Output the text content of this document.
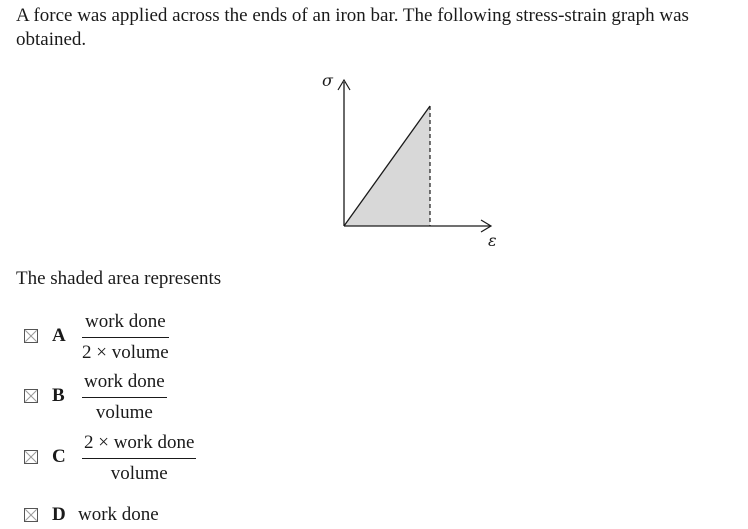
A force was applied across the ends of an iron bar. The following stress-strain graph was obtained.

σ
ε

The shaded area represents

A
work done
2 × volume
B
work done
volume
C
2 × work done
volume
D work done
